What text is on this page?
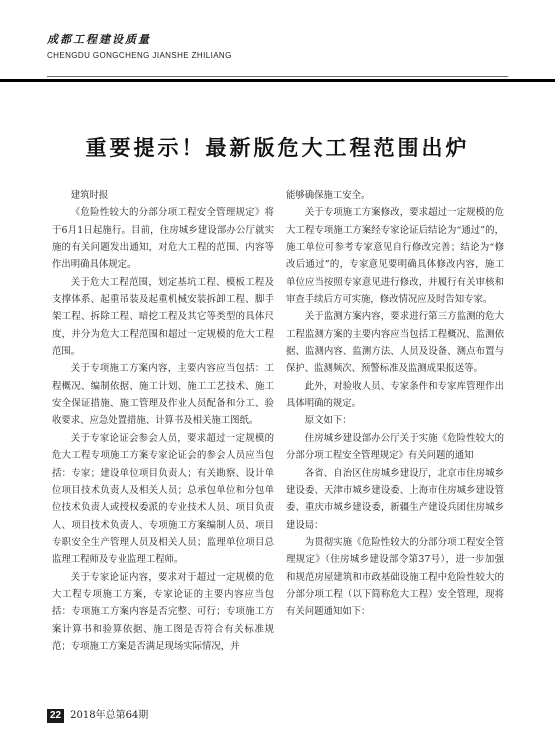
成都工程建设质量
CHENGDU GONGCHENG JIANSHE ZHILIANG
重要提示！最新版危大工程范围出炉

建筑时报

《危险性较大的分部分项工程安全管理规定》将于6月1日起施行。目前，住房城乡建设部办公厅就实施的有关问题发出通知，对危大工程的范围、内容等作出明确具体规定。

关于危大工程范围，划定基坑工程、模板工程及支撑体系、起重吊装及起重机械安装拆卸工程、脚手架工程、拆除工程、暗挖工程及其它等类型的具体尺度，并分为危大工程范围和超过一定规模的危大工程范围。

关于专项施工方案内容，主要内容应当包括：工程概况、编制依据、施工计划、施工工艺技术、施工安全保证措施、施工管理及作业人员配备和分工、验收要求、应急处置措施、计算书及相关施工图纸。

关于专家论证会参会人员，要求超过一定规模的危大工程专项施工方案专家论证会的参会人员应当包括：专家；建设单位项目负责人；有关勘察、设计单位项目技术负责人及相关人员；总承包单位和分包单位技术负责人或授权委派的专业技术人员、项目负责人、项目技术负责人、专项施工方案编制人员、项目专职安全生产管理人员及相关人员；监理单位项目总监理工程师及专业监理工程师。

关于专家论证内容，要求对于超过一定规模的危大工程专项施工方案，专家论证的主要内容应当包括：专项施工方案内容是否完整、可行；专项施工方案计算书和验算依据、施工图是否符合有关标准规范；专项施工方案是否满足现场实际情况，并

能够确保施工安全。

关于专项施工方案修改，要求超过一定规模的危大工程专项施工方案经专家论证后结论为“通过”的，施工单位可参考专家意见自行修改完善；结论为“修改后通过”的，专家意见要明确具体修改内容，施工单位应当按照专家意见进行修改，并履行有关审核和审查手续后方可实施，修改情况应及时告知专家。

关于监测方案内容，要求进行第三方监测的危大工程监测方案的主要内容应当包括工程概况、监测依据、监测内容、监测方法、人员及设备、测点布置与保护、监测频次、预警标准及监测成果报送等。

此外，对验收人员、专家条件和专家库管理作出具体明确的规定。

原文如下：

住房城乡建设部办公厅关于实施《危险性较大的分部分项工程安全管理规定》有关问题的通知

各省、自治区住房城乡建设厅，北京市住房城乡建设委、天津市城乡建设委、上海市住房城乡建设管委、重庆市城乡建设委，新疆生产建设兵团住房城乡建设局：

为贯彻实施《危险性较大的分部分项工程安全管理规定》（住房城乡建设部令第37号），进一步加强和规范房屋建筑和市政基础设施工程中危险性较大的分部分项工程（以下简称危大工程）安全管理，现将有关问题通知如下：

22 2018年总第64期
